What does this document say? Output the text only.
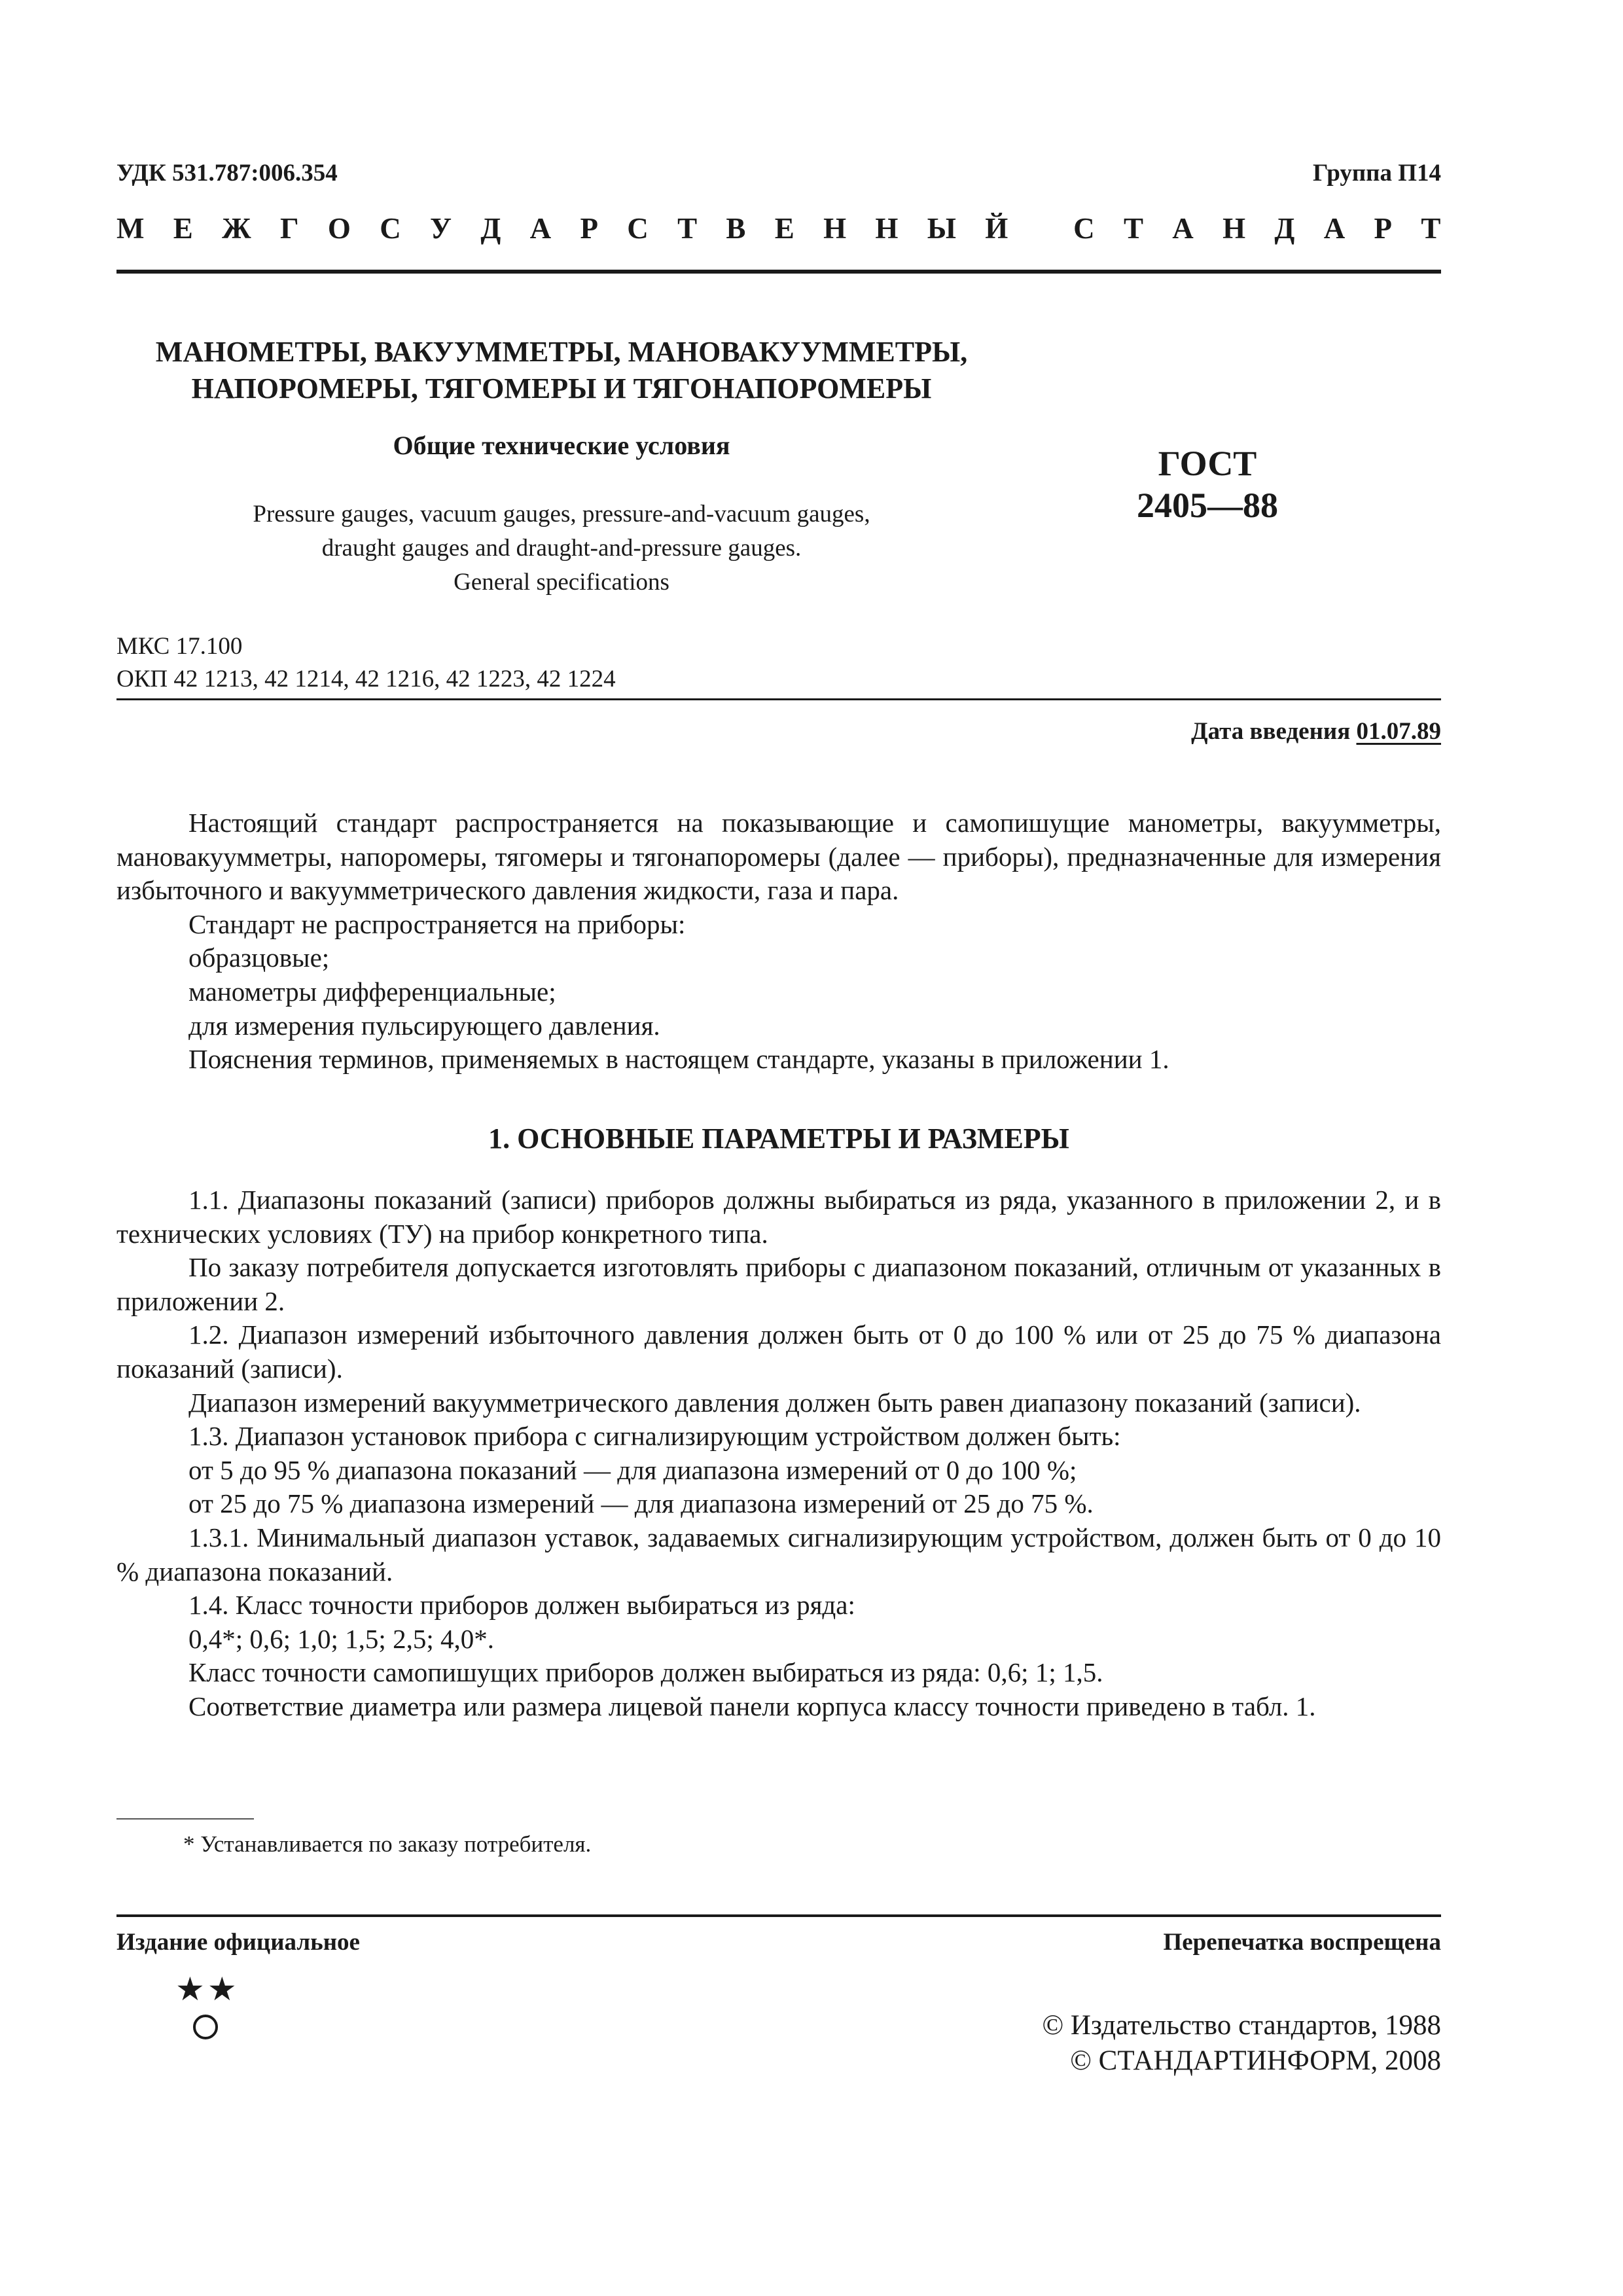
УДК 531.787:006.354	Группа П14
М
Е
Ж
Г
О
С
У
Д
А
Р
С
Т
В
Е
Н
Н
Ы
Й

С
Т
А
Н
Д
А
Р
Т
МАНОМЕТРЫ, ВАКУУММЕТРЫ, МАНОВАКУУММЕТРЫ,
НАПОРОМЕРЫ, ТЯГОМЕРЫ И ТЯГОНАПОРОМЕРЫ
Общие технические условия
Pressure gauges, vacuum gauges, pressure-and-vacuum gauges,
draught gauges and draught-and-pressure gauges.
General specifications
ГОСТ
2405—88
МКС 17.100
ОКП 42 1213, 42 1214, 42 1216, 42 1223, 42 1224
Дата введения 01.07.89

Настоящий стандарт распространяется на показывающие и самопишущие манометры, вакуумметры, мановакуумметры, напоромеры, тягомеры и тягонапоромеры (далее — приборы), предназначенные для измерения избыточного и вакуумметрического давления жидкости, газа и пара.

Стандарт не распространяется на приборы:

образцовые;

манометры дифференциальные;

для измерения пульсирующего давления.

Пояснения терминов, применяемых в настоящем стандарте, указаны в приложении 1.

1. ОСНОВНЫЕ ПАРАМЕТРЫ И РАЗМЕРЫ

1.1. Диапазоны показаний (записи) приборов должны выбираться из ряда, указанного в приложении 2, и в технических условиях (ТУ) на прибор конкретного типа.

По заказу потребителя допускается изготовлять приборы с диапазоном показаний, отличным от указанных в приложении 2.

1.2. Диапазон измерений избыточного давления должен быть от 0 до 100 % или от 25 до 75 % диапазона показаний (записи).

Диапазон измерений вакуумметрического давления должен быть равен диапазону показаний (записи).

1.3. Диапазон установок прибора с сигнализирующим устройством должен быть:

от 5 до 95 % диапазона показаний — для диапазона измерений от 0 до 100 %;

от 25 до 75 % диапазона измерений — для диапазона измерений от 25 до 75 %.

1.3.1. Минимальный диапазон уставок, задаваемых сигнализирующим устройством, должен быть от 0 до 10 % диапазона показаний.

1.4. Класс точности приборов должен выбираться из ряда:

0,4*; 0,6; 1,0; 1,5; 2,5; 4,0*.

Класс точности самопишущих приборов должен выбираться из ряда: 0,6; 1; 1,5.

Соответствие диаметра или размера лицевой панели корпуса классу точности приведено в табл. 1.

* Устанавливается по заказу потребителя.
Издание официальное	Перепечатка воспрещена
★★
© Издательство стандартов, 1988
© СТАНДАРТИНФОРМ, 2008
